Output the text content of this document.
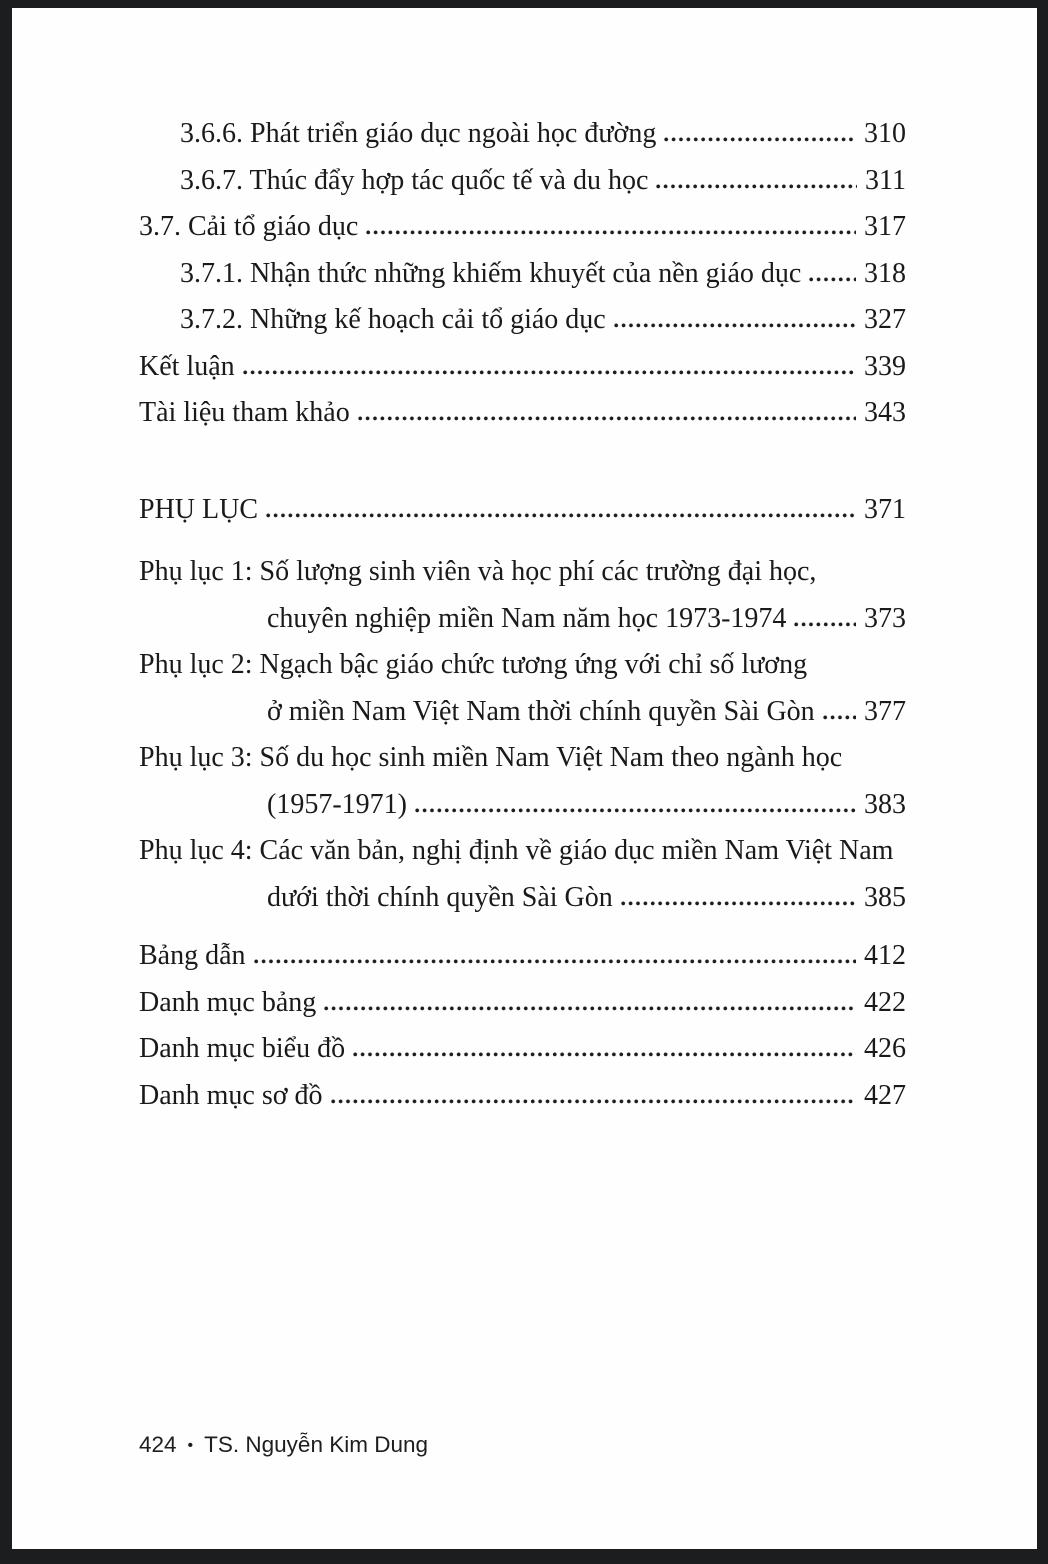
3.6.6. Phát triển giáo dục ngoài học đường	310
3.6.7. Thúc đẩy hợp tác quốc tế và du học	311
3.7. Cải tổ giáo dục	317
3.7.1. Nhận thức những khiếm khuyết của nền giáo dục 318
3.7.2. Những kế hoạch cải tổ giáo dục	327
Kết luận	339
Tài liệu tham khảo	343
PHỤ LỤC	371
Phụ lục 1: Số lượng sinh viên và học phí các trường đại học,
chuyên nghiệp miền Nam năm học 1973-1974	373
Phụ lục 2: Ngạch bậc giáo chức tương ứng với chỉ số lương
ở miền Nam Việt Nam thời chính quyền Sài Gòn 377
Phụ lục 3: Số du học sinh miền Nam Việt Nam theo ngành học
(1957-1971)	383
Phụ lục 4: Các văn bản, nghị định về giáo dục miền Nam Việt Nam
dưới thời chính quyền Sài Gòn	385
Bảng dẫn	412
Danh mục bảng	422
Danh mục biểu đồ	426
Danh mục sơ đồ	427
424 • TS. Nguyễn Kim Dung
